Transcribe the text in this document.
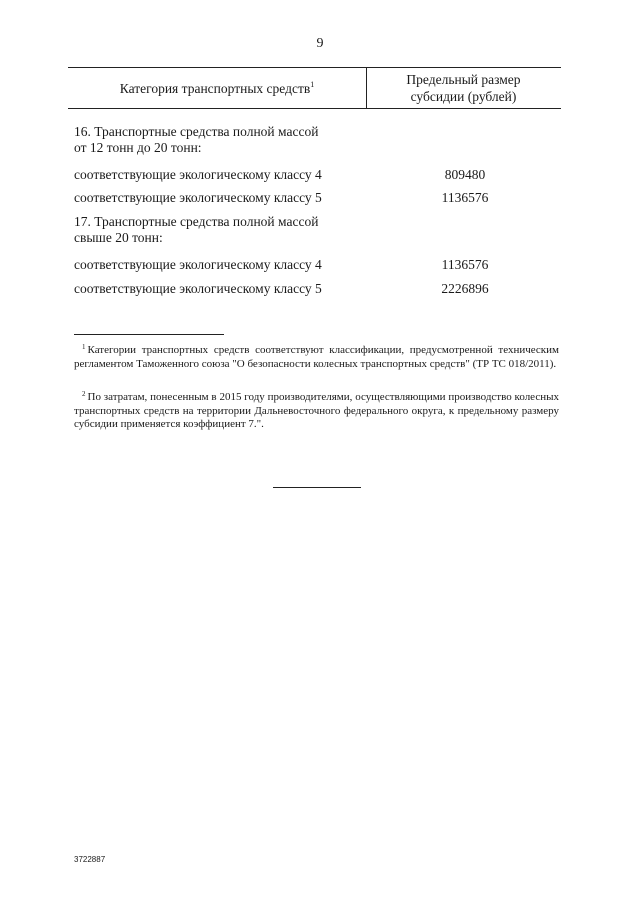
9
Категория транспортных средств$^1$	Предельный размер
субсидии (рублей)
16. Транспортные средства полной массой
от 12 тонн до 20 тонн:
соответствующие экологическому классу 4	809480
соответствующие экологическому классу 5	1136576
17. Транспортные средства полной массой
свыше 20 тонн:
соответствующие экологическому классу 4	1136576
соответствующие экологическому классу 5	2226896
$^1$ Категории транспортных средств соответствуют классификации, предусмотренной техническим регламентом Таможенного союза "О безопасности колесных транспортных средств" (ТР ТС 018/2011).
$^2$ По затратам, понесенным в 2015 году производителями, осуществляющими производство колесных транспортных средств на территории Дальневосточного федерального округа, к предельному размеру субсидии применяется коэффициент 7.".
3722887
